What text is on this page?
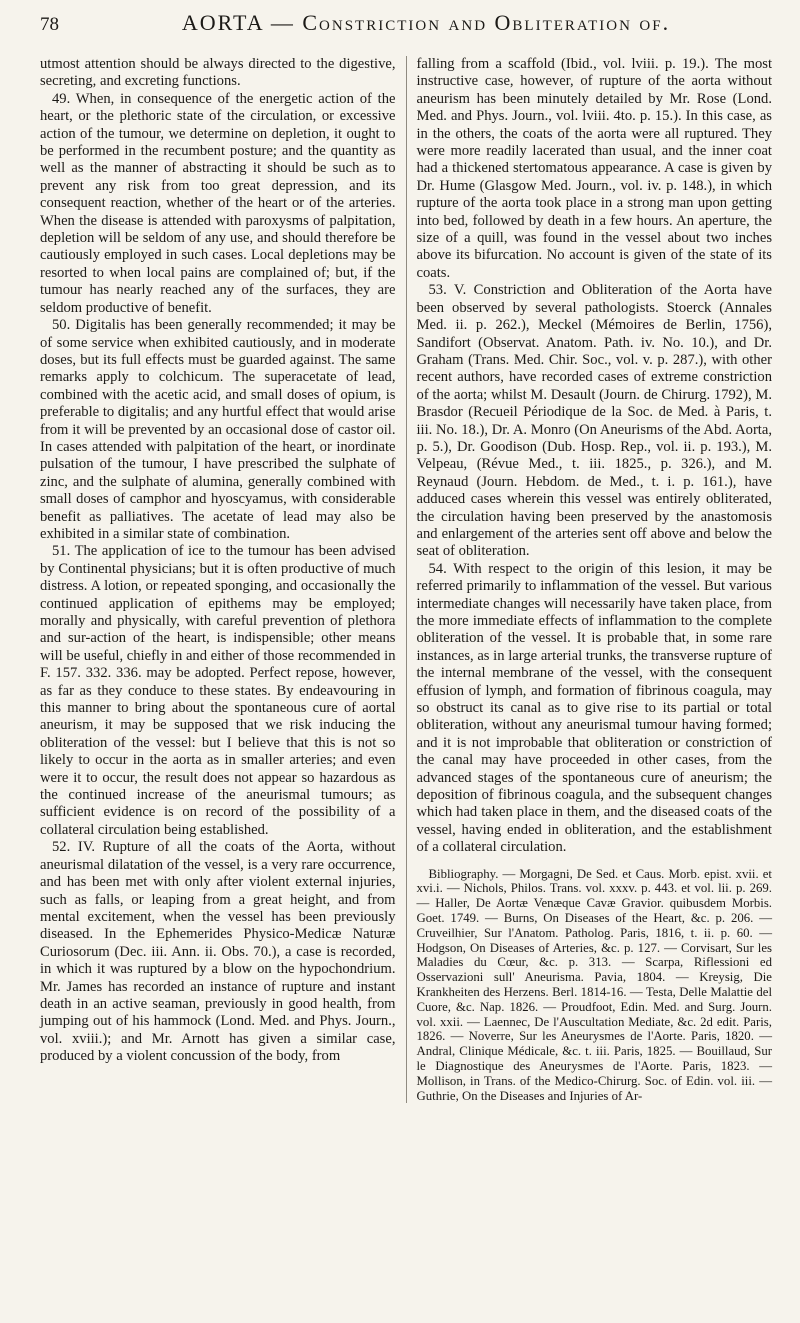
78	AORTA — Constriction and Obliteration of.

utmost attention should be always directed to the digestive, secreting, and excreting functions.

49. When, in consequence of the energetic action of the heart, or the plethoric state of the circulation, or excessive action of the tumour, we determine on depletion, it ought to be performed in the recumbent posture; and the quantity as well as the manner of abstracting it should be such as to prevent any risk from too great depression, and its consequent reaction, whether of the heart or of the arteries. When the disease is attended with paroxysms of palpitation, depletion will be seldom of any use, and should therefore be cautiously employed in such cases. Local depletions may be resorted to when local pains are complained of; but, if the tumour has nearly reached any of the surfaces, they are seldom productive of benefit.

50. Digitalis has been generally recommended; it may be of some service when exhibited cautiously, and in moderate doses, but its full effects must be guarded against. The same remarks apply to colchicum. The superacetate of lead, combined with the acetic acid, and small doses of opium, is preferable to digitalis; and any hurtful effect that would arise from it will be prevented by an occasional dose of castor oil. In cases attended with palpitation of the heart, or inordinate pulsation of the tumour, I have prescribed the sulphate of zinc, and the sulphate of alumina, generally combined with small doses of camphor and hyoscyamus, with considerable benefit as palliatives. The acetate of lead may also be exhibited in a similar state of combination.

51. The application of ice to the tumour has been advised by Continental physicians; but it is often productive of much distress. A lotion, or repeated sponging, and occasionally the continued application of epithems may be employed; morally and physically, with careful prevention of plethora and sur-action of the heart, is indispensible; other means will be useful, chiefly in and either of those recommended in F. 157. 332. 336. may be adopted. Perfect repose, however, as far as they conduce to these states. By endeavouring in this manner to bring about the spontaneous cure of aortal aneurism, it may be supposed that we risk inducing the obliteration of the vessel: but I believe that this is not so likely to occur in the aorta as in smaller arteries; and even were it to occur, the result does not appear so hazardous as the continued increase of the aneurismal tumours; as sufficient evidence is on record of the possibility of a collateral circulation being established.

52. IV. Rupture of all the coats of the Aorta, without aneurismal dilatation of the vessel, is a very rare occurrence, and has been met with only after violent external injuries, such as falls, or leaping from a great height, and from mental excitement, when the vessel has been previously diseased. In the Ephemerides Physico-Medicæ Naturæ Curiosorum (Dec. iii. Ann. ii. Obs. 70.), a case is recorded, in which it was ruptured by a blow on the hypochondrium. Mr. James has recorded an instance of rupture and instant death in an active seaman, previously in good health, from jumping out of his hammock (Lond. Med. and Phys. Journ., vol. xviii.); and Mr. Arnott has given a similar case, produced by a violent concussion of the body, from

falling from a scaffold (Ibid., vol. lviii. p. 19.). The most instructive case, however, of rupture of the aorta without aneurism has been minutely detailed by Mr. Rose (Lond. Med. and Phys. Journ., vol. lviii. 4to. p. 15.). In this case, as in the others, the coats of the aorta were all ruptured. They were more readily lacerated than usual, and the inner coat had a thickened stertomatous appearance. A case is given by Dr. Hume (Glasgow Med. Journ., vol. iv. p. 148.), in which rupture of the aorta took place in a strong man upon getting into bed, followed by death in a few hours. An aperture, the size of a quill, was found in the vessel about two inches above its bifurcation. No account is given of the state of its coats.

53. V. Constriction and Obliteration of the Aorta have been observed by several pathologists. Stoerck (Annales Med. ii. p. 262.), Meckel (Mémoires de Berlin, 1756), Sandifort (Observat. Anatom. Path. iv. No. 10.), and Dr. Graham (Trans. Med. Chir. Soc., vol. v. p. 287.), with other recent authors, have recorded cases of extreme constriction of the aorta; whilst M. Desault (Journ. de Chirurg. 1792), M. Brasdor (Recueil Périodique de la Soc. de Med. à Paris, t. iii. No. 18.), Dr. A. Monro (On Aneurisms of the Abd. Aorta, p. 5.), Dr. Goodison (Dub. Hosp. Rep., vol. ii. p. 193.), M. Velpeau, (Révue Med., t. iii. 1825., p. 326.), and M. Reynaud (Journ. Hebdom. de Med., t. i. p. 161.), have adduced cases wherein this vessel was entirely obliterated, the circulation having been preserved by the anastomosis and enlargement of the arteries sent off above and below the seat of obliteration.

54. With respect to the origin of this lesion, it may be referred primarily to inflammation of the vessel. But various intermediate changes will necessarily have taken place, from the more immediate effects of inflammation to the complete obliteration of the vessel. It is probable that, in some rare instances, as in large arterial trunks, the transverse rupture of the internal membrane of the vessel, with the consequent effusion of lymph, and formation of fibrinous coagula, may so obstruct its canal as to give rise to its partial or total obliteration, without any aneurismal tumour having formed; and it is not improbable that obliteration or constriction of the canal may have proceeded in other cases, from the advanced stages of the spontaneous cure of aneurism; the deposition of fibrinous coagula, and the subsequent changes which had taken place in them, and the diseased coats of the vessel, having ended in obliteration, and the establishment of a collateral circulation.

Bibliography. — Morgagni, De Sed. et Caus. Morb. epist. xvii. et xvi.i. — Nichols, Philos. Trans. vol. xxxv. p. 443. et vol. lii. p. 269. — Haller, De Aortæ Venæque Cavæ Gravior. quibusdem Morbis. Goet. 1749. — Burns, On Diseases of the Heart, &c. p. 206. — Cruveilhier, Sur l'Anatom. Patholog. Paris, 1816, t. ii. p. 60. — Hodgson, On Diseases of Arteries, &c. p. 127. — Corvisart, Sur les Maladies du Cœur, &c. p. 313. — Scarpa, Riflessioni ed Osservazioni sull' Aneurisma. Pavia, 1804. — Kreysig, Die Krankheiten des Herzens. Berl. 1814-16. — Testa, Delle Malattie del Cuore, &c. Nap. 1826. — Proudfoot, Edin. Med. and Surg. Journ. vol. xxii. — Laennec, De l'Auscultation Mediate, &c. 2d edit. Paris, 1826. — Noverre, Sur les Aneurysmes de l'Aorte. Paris, 1820. — Andral, Clinique Médicale, &c. t. iii. Paris, 1825. — Bouillaud, Sur le Diagnostique des Aneurysmes de l'Aorte. Paris, 1823. — Mollison, in Trans. of the Medico-Chirurg. Soc. of Edin. vol. iii. — Guthrie, On the Diseases and Injuries of Ar-
